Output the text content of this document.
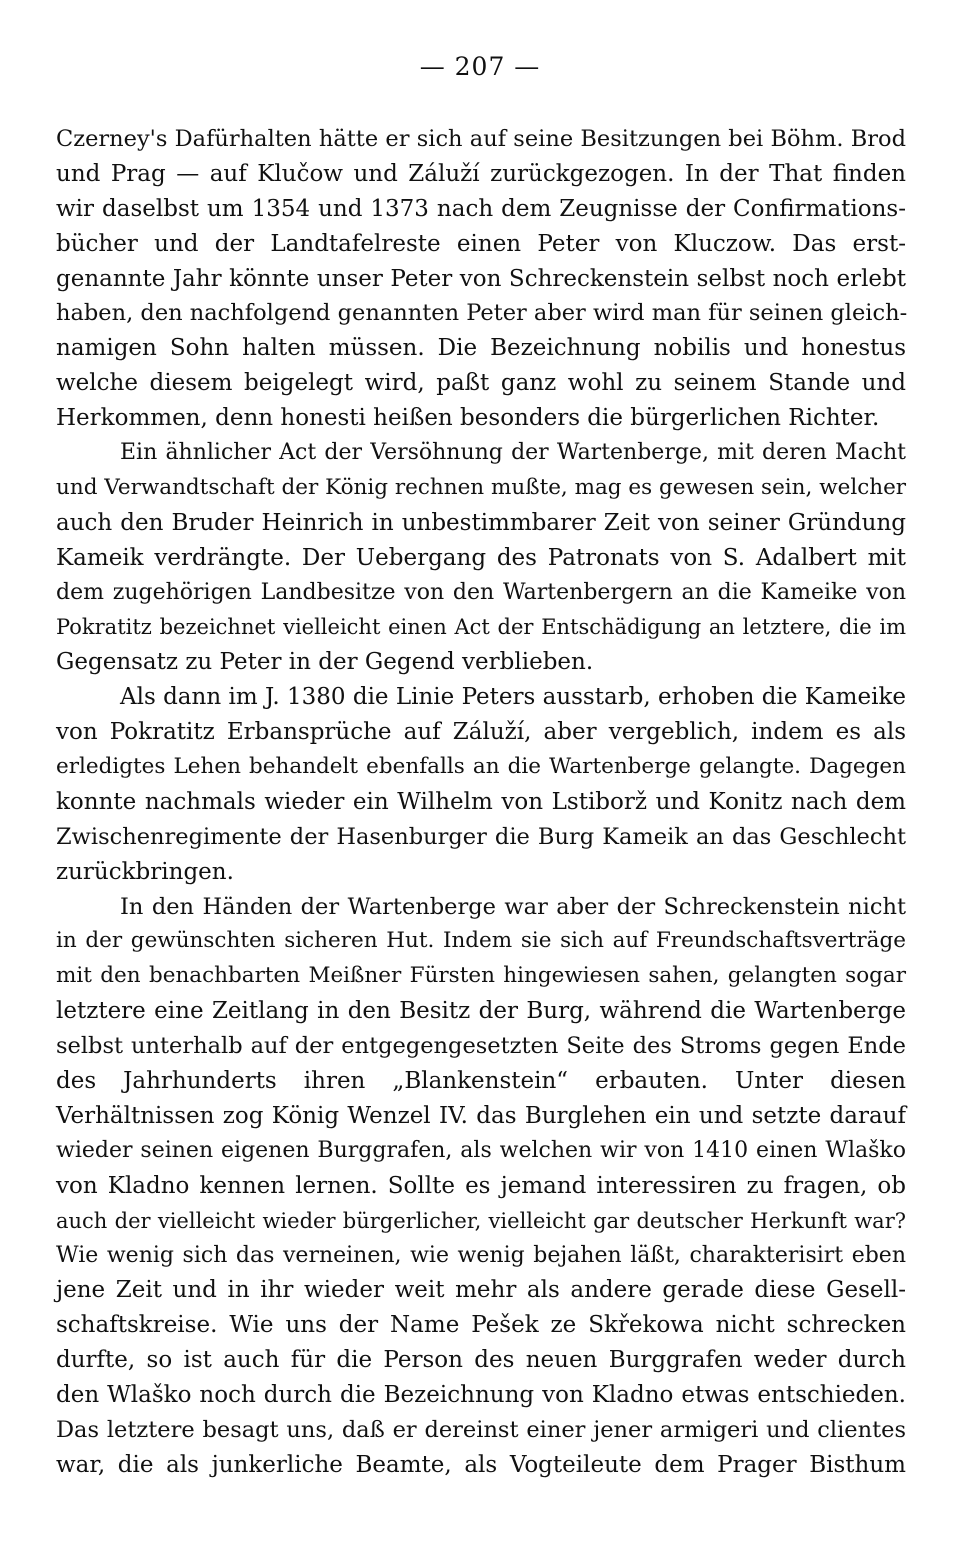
— 207 —
Czerney's Dafürhalten hätte er sich auf seine Besitzungen bei Böhm. Brod
und Prag — auf Klučow und Záluží zurückgezogen. In der That finden
wir daselbst um 1354 und 1373 nach dem Zeugnisse der Confirmations-
bücher und der Landtafelreste einen Peter von Kluczow. Das erst-
genannte Jahr könnte unser Peter von Schreckenstein selbst noch erlebt
haben, den nachfolgend genannten Peter aber wird man für seinen gleich-
namigen Sohn halten müssen. Die Bezeichnung nobilis und honestus
welche diesem beigelegt wird, paßt ganz wohl zu seinem Stande und
Herkommen, denn honesti heißen besonders die bürgerlichen Richter.
Ein ähnlicher Act der Versöhnung der Wartenberge, mit deren Macht
und Verwandtschaft der König rechnen mußte, mag es gewesen sein, welcher
auch den Bruder Heinrich in unbestimmbarer Zeit von seiner Gründung
Kameik verdrängte. Der Uebergang des Patronats von S. Adalbert mit
dem zugehörigen Landbesitze von den Wartenbergern an die Kameike von
Pokratitz bezeichnet vielleicht einen Act der Entschädigung an letztere, die im
Gegensatz zu Peter in der Gegend verblieben.
Als dann im J. 1380 die Linie Peters ausstarb, erhoben die Kameike
von Pokratitz Erbansprüche auf Záluží, aber vergeblich, indem es als
erledigtes Lehen behandelt ebenfalls an die Wartenberge gelangte. Dagegen
konnte nachmals wieder ein Wilhelm von Lstiborž und Konitz nach dem
Zwischenregimente der Hasenburger die Burg Kameik an das Geschlecht
zurückbringen.
In den Händen der Wartenberge war aber der Schreckenstein nicht
in der gewünschten sicheren Hut. Indem sie sich auf Freundschaftsverträge
mit den benachbarten Meißner Fürsten hingewiesen sahen, gelangten sogar
letztere eine Zeitlang in den Besitz der Burg, während die Wartenberge
selbst unterhalb auf der entgegengesetzten Seite des Stroms gegen Ende
des Jahrhunderts ihren „Blankenstein“ erbauten. Unter diesen
Verhältnissen zog König Wenzel IV. das Burglehen ein und setzte darauf
wieder seinen eigenen Burggrafen, als welchen wir von 1410 einen Wlaško
von Kladno kennen lernen. Sollte es jemand interessiren zu fragen, ob
auch der vielleicht wieder bürgerlicher, vielleicht gar deutscher Herkunft war?
Wie wenig sich das verneinen, wie wenig bejahen läßt, charakterisirt eben
jene Zeit und in ihr wieder weit mehr als andere gerade diese Gesell-
schaftskreise. Wie uns der Name Pešek ze Skřekowa nicht schrecken
durfte, so ist auch für die Person des neuen Burggrafen weder durch
den Wlaško noch durch die Bezeichnung von Kladno etwas entschieden.
Das letztere besagt uns, daß er dereinst einer jener armigeri und clientes
war, die als junkerliche Beamte, als Vogteileute dem Prager Bisthum
